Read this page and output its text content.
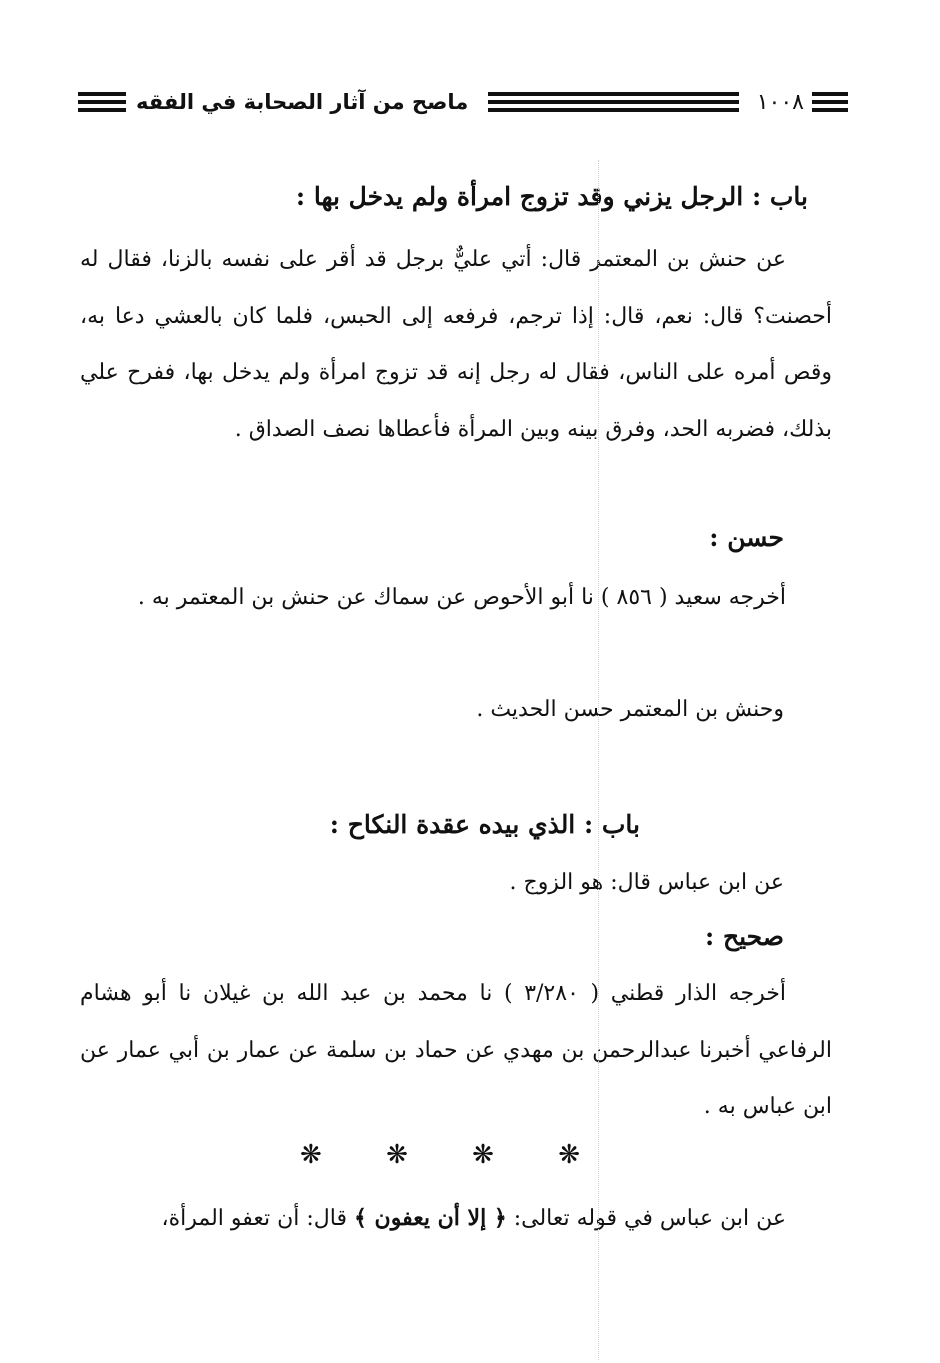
ماصح من آثار الصحابة في الفقه	١٠٠٨
باب : الرجل يزني وقد تزوج امرأة ولم يدخل بها :
عن حنش بن المعتمر قال: أتي عليٌّ برجل قد أقر على نفسه بالزنا، فقال له أحصنت؟ قال: نعم، قال: إذا ترجم، فرفعه إلى الحبس، فلما كان بالعشي دعا به، وقص أمره على الناس، فقال له رجل إنه قد تزوج امرأة ولم يدخل بها، ففرح علي بذلك، فضربه الحد، وفرق بينه وبين المرأة فأعطاها نصف الصداق .
حسن :
أخرجه سعيد ( ٨٥٦ ) نا أبو الأحوص عن سماك عن حنش بن المعتمر به .
وحنش بن المعتمر حسن الحديث .
باب : الذي بيده عقدة النكاح :
عن ابن عباس قال: هو الزوج .
صحيح :
أخرجه الذار قطني ( ٣/٢٨٠ ) نا محمد بن عبد الله بن غيلان نا أبو هشام الرفاعي أخبرنا عبدالرحمن بن مهدي عن حماد بن سلمة عن عمار بن أبي عمار عن ابن عباس به .
❋ ❋ ❋ ❋
عن ابن عباس في قوله تعالى: ﴿ إلا أن يعفون ﴾ قال: أن تعفو المرأة،
